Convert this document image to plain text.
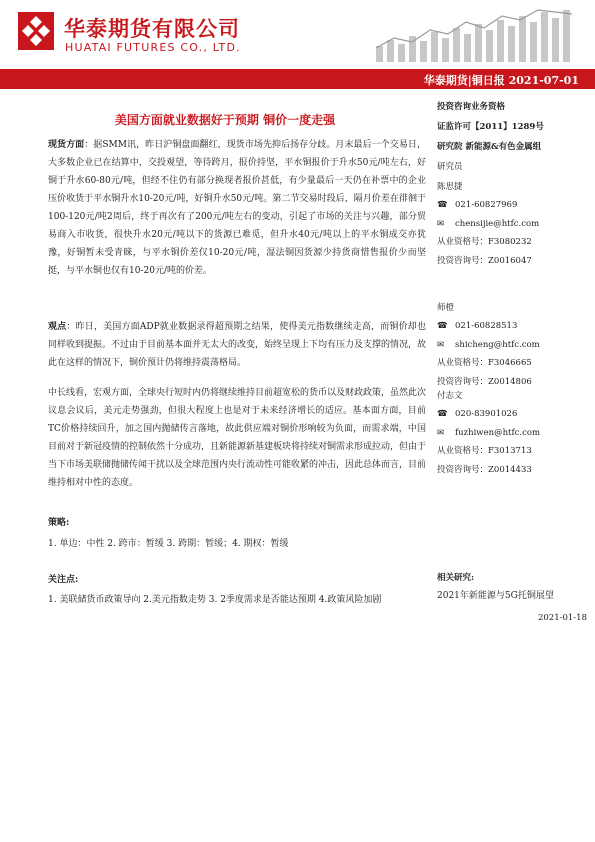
华泰期货有限公司
HUATAI FUTURES CO., LTD.
华泰期货|铜日报 2021-07-01
美国方面就业数据好于预期 铜价一度走强
现货方面：据SMM讯，昨日沪铜盘面翻红，现货市场先抑后扬存分歧。月末最后一个交易日，大多数企业已在结算中，交投观望，等待跨月，报价持坚，平水铜报价于升水50元/吨左右，好铜于升水60-80元/吨，但经不住仍有部分换现者报价甚低，有少量最后一天仍在补票中的企业压价收货于平水铜升水10-20元/吨，好铜升水50元/吨。第二节交易时段后，隔月价差在徘徊于100-120元/吨2周后，终于再次有了200元/吨左右的变动，引起了市场的关注与兴趣，部分贸易商入市收货，很快升水20元/吨以下的货源已难觅，但升水40元/吨以上的平水铜成交亦犹豫，好铜暂未受青睐，与平水铜价差仅10-20元/吨，湿法铜因货源少持货商惜售报价少而坚挺，与平水铜也仅有10-20元/吨的价差。
观点：昨日，美国方面ADP就业数据录得超预期之结果，使得美元指数继续走高，而铜价却也同样收到提振。不过由于目前基本面并无太大的改变，始终呈现上下均有压力及支撑的情况，故此在这样的情况下，铜价预计仍将维持震荡格局。
中长线看，宏观方面，全球央行短时内仍将继续维持目前超宽松的货币以及财政政策，虽然此次议息会议后，美元走势强劲，但很大程度上也是对于未来经济增长的适应。基本面方面，目前TC价格持续回升，加之国内抛储传言落地，故此供应端对铜价形响较为负面，而需求端，中国目前对于新冠疫情的控制依然十分成功，且新能源新基建板块将持续对铜需求形成拉动，但由于当下市场美联储抛储传闻干扰以及全球范围内央行流动性可能收紧的冲击，因此总体而言，目前维持相对中性的态度。
策略:
1. 单边：中性 2. 跨市：暂缓 3. 跨期：暂缓；4. 期权：暂缓
关注点:
1. 美联储货币政策导向 2.美元指数走势 3. 2季度需求是否能达预期 4.政策风险加剧
投资咨询业务资格
证监许可【2011】1289号
研究院 新能源&有色金属组
研究员
陈思捷
☎ 021-60827969
✉ chensijie@htfc.com
从业资格号：F3080232
投资咨询号：Z0016047
师橙
☎ 021-60828513
✉ shicheng@htfc.com
从业资格号：F3046665
投资咨询号：Z0014806
付志文
☎ 020-83901026
✉ fuzhiwen@htfc.com
从业资格号：F3013713
投资咨询号：Z0014433
相关研究:
2021年新能源与5G托铜展望
2021-01-18
